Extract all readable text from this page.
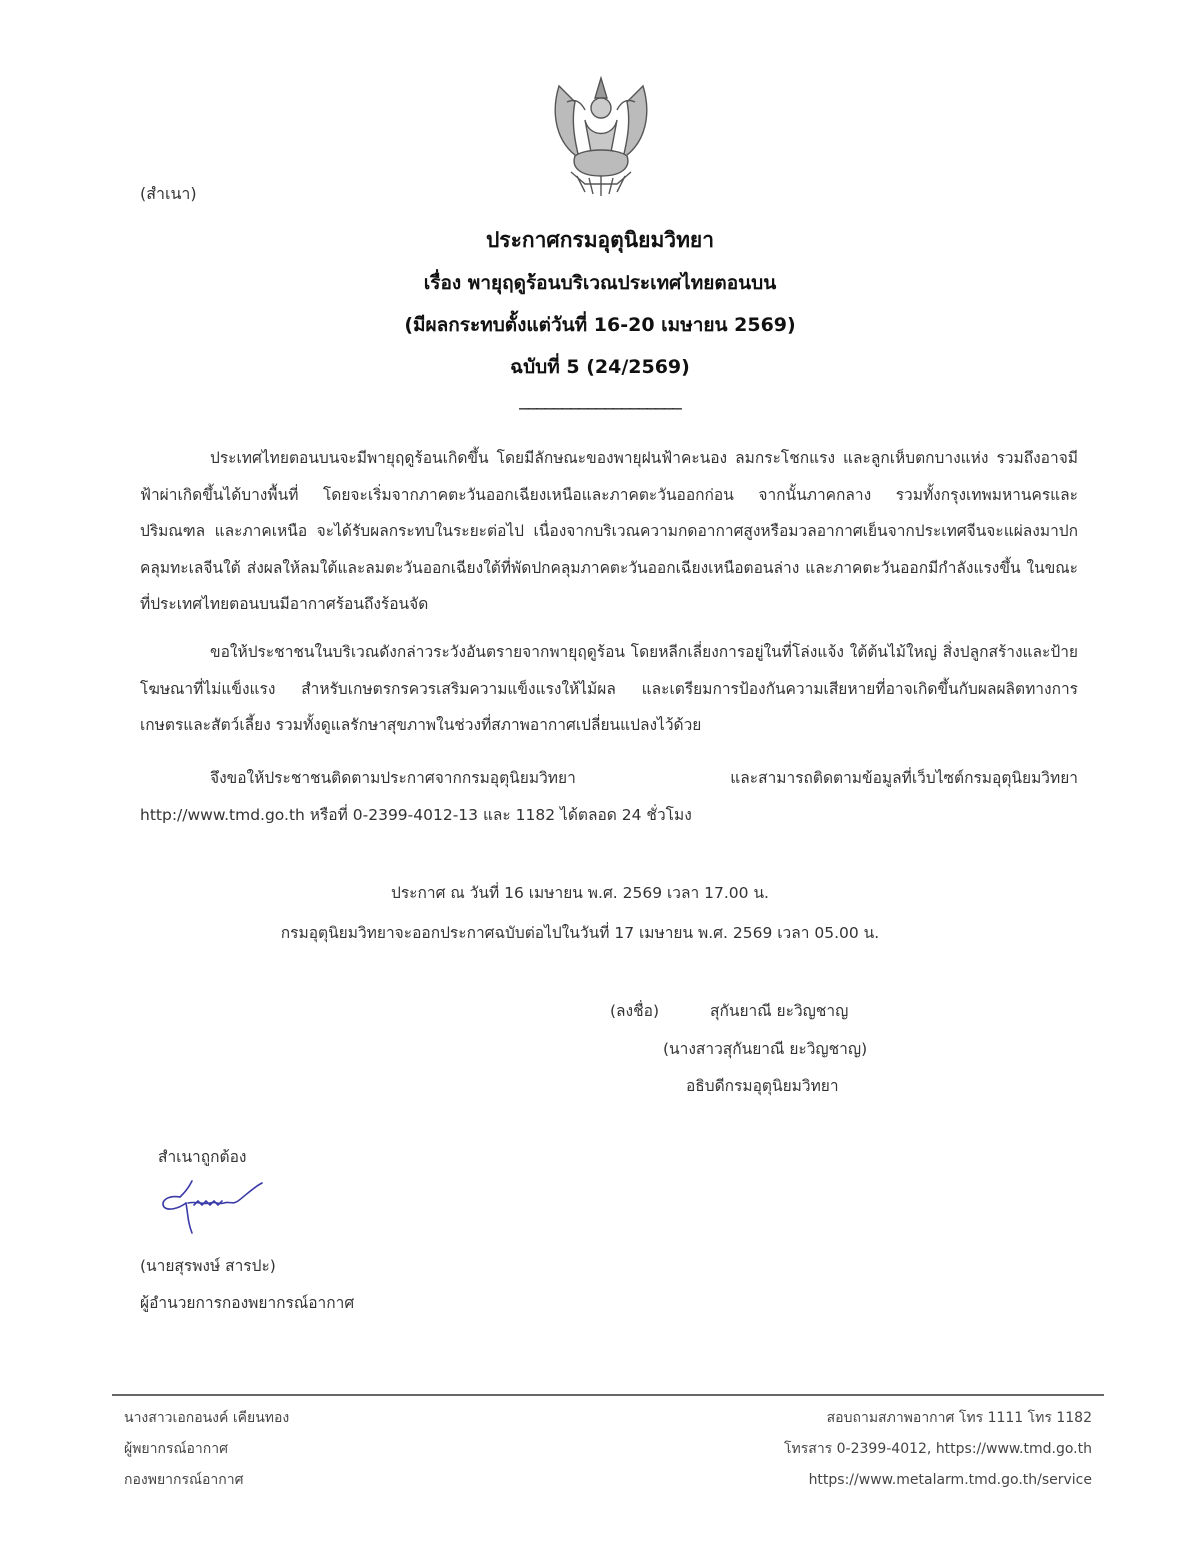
(สำเนา)
ประกาศกรมอุตุนิยมวิทยา
เรื่อง พายุฤดูร้อนบริเวณประเทศไทยตอนบน
(มีผลกระทบตั้งแต่วันที่ 16-20 เมษายน 2569)
ฉบับที่ 5 (24/2569)
___________________
ประเทศไทยตอนบนจะมีพายุฤดูร้อนเกิดขึ้น โดยมีลักษณะของพายุฝนฟ้าคะนอง ลมกระโชกแรง และลูกเห็บตกบางแห่ง รวมถึงอาจมีฟ้าผ่าเกิดขึ้นได้บางพื้นที่ โดยจะเริ่มจากภาคตะวันออกเฉียงเหนือและภาคตะวันออกก่อน จากนั้นภาคกลาง รวมทั้งกรุงเทพมหานครและปริมณฑล และภาคเหนือ จะได้รับผลกระทบในระยะต่อไป เนื่องจากบริเวณความกดอากาศสูงหรือมวลอากาศเย็นจากประเทศจีนจะแผ่ลงมาปกคลุมทะเลจีนใต้ ส่งผลให้ลมใต้และลมตะวันออกเฉียงใต้ที่พัดปกคลุมภาคตะวันออกเฉียงเหนือตอนล่าง และภาคตะวันออกมีกำลังแรงขึ้น ในขณะที่ประเทศไทยตอนบนมีอากาศร้อนถึงร้อนจัด
ขอให้ประชาชนในบริเวณดังกล่าวระวังอันตรายจากพายุฤดูร้อน โดยหลีกเลี่ยงการอยู่ในที่โล่งแจ้ง ใต้ต้นไม้ใหญ่ สิ่งปลูกสร้างและป้ายโฆษณาที่ไม่แข็งแรง สำหรับเกษตรกรควรเสริมความแข็งแรงให้ไม้ผล และเตรียมการป้องกันความเสียหายที่อาจเกิดขึ้นกับผลผลิตทางการเกษตรและสัตว์เลี้ยง รวมทั้งดูแลรักษาสุขภาพในช่วงที่สภาพอากาศเปลี่ยนแปลงไว้ด้วย
จึงขอให้ประชาชนติดตามประกาศจากกรมอุตุนิยมวิทยา และสามารถติดตามข้อมูลที่เว็บไซต์กรมอุตุนิยมวิทยา http://www.tmd.go.th หรือที่ 0-2399-4012-13 และ 1182 ได้ตลอด 24 ชั่วโมง
ประกาศ ณ วันที่ 16 เมษายน พ.ศ. 2569 เวลา 17.00 น.
กรมอุตุนิยมวิทยาจะออกประกาศฉบับต่อไปในวันที่ 17 เมษายน พ.ศ. 2569 เวลา 05.00 น.
(ลงชื่อ)	สุกันยาณี ยะวิญชาญ
(นางสาวสุกันยาณี ยะวิญชาญ)
อธิบดีกรมอุตุนิยมวิทยา
สำเนาถูกต้อง
(นายสุรพงษ์ สารปะ)
ผู้อำนวยการกองพยากรณ์อากาศ
นางสาวเอกอนงค์ เคียนทอง
ผู้พยากรณ์อากาศ
กองพยากรณ์อากาศ
สอบถามสภาพอากาศ โทร 1111 โทร 1182
โทรสาร 0-2399-4012, https://www.tmd.go.th
https://www.metalarm.tmd.go.th/service
